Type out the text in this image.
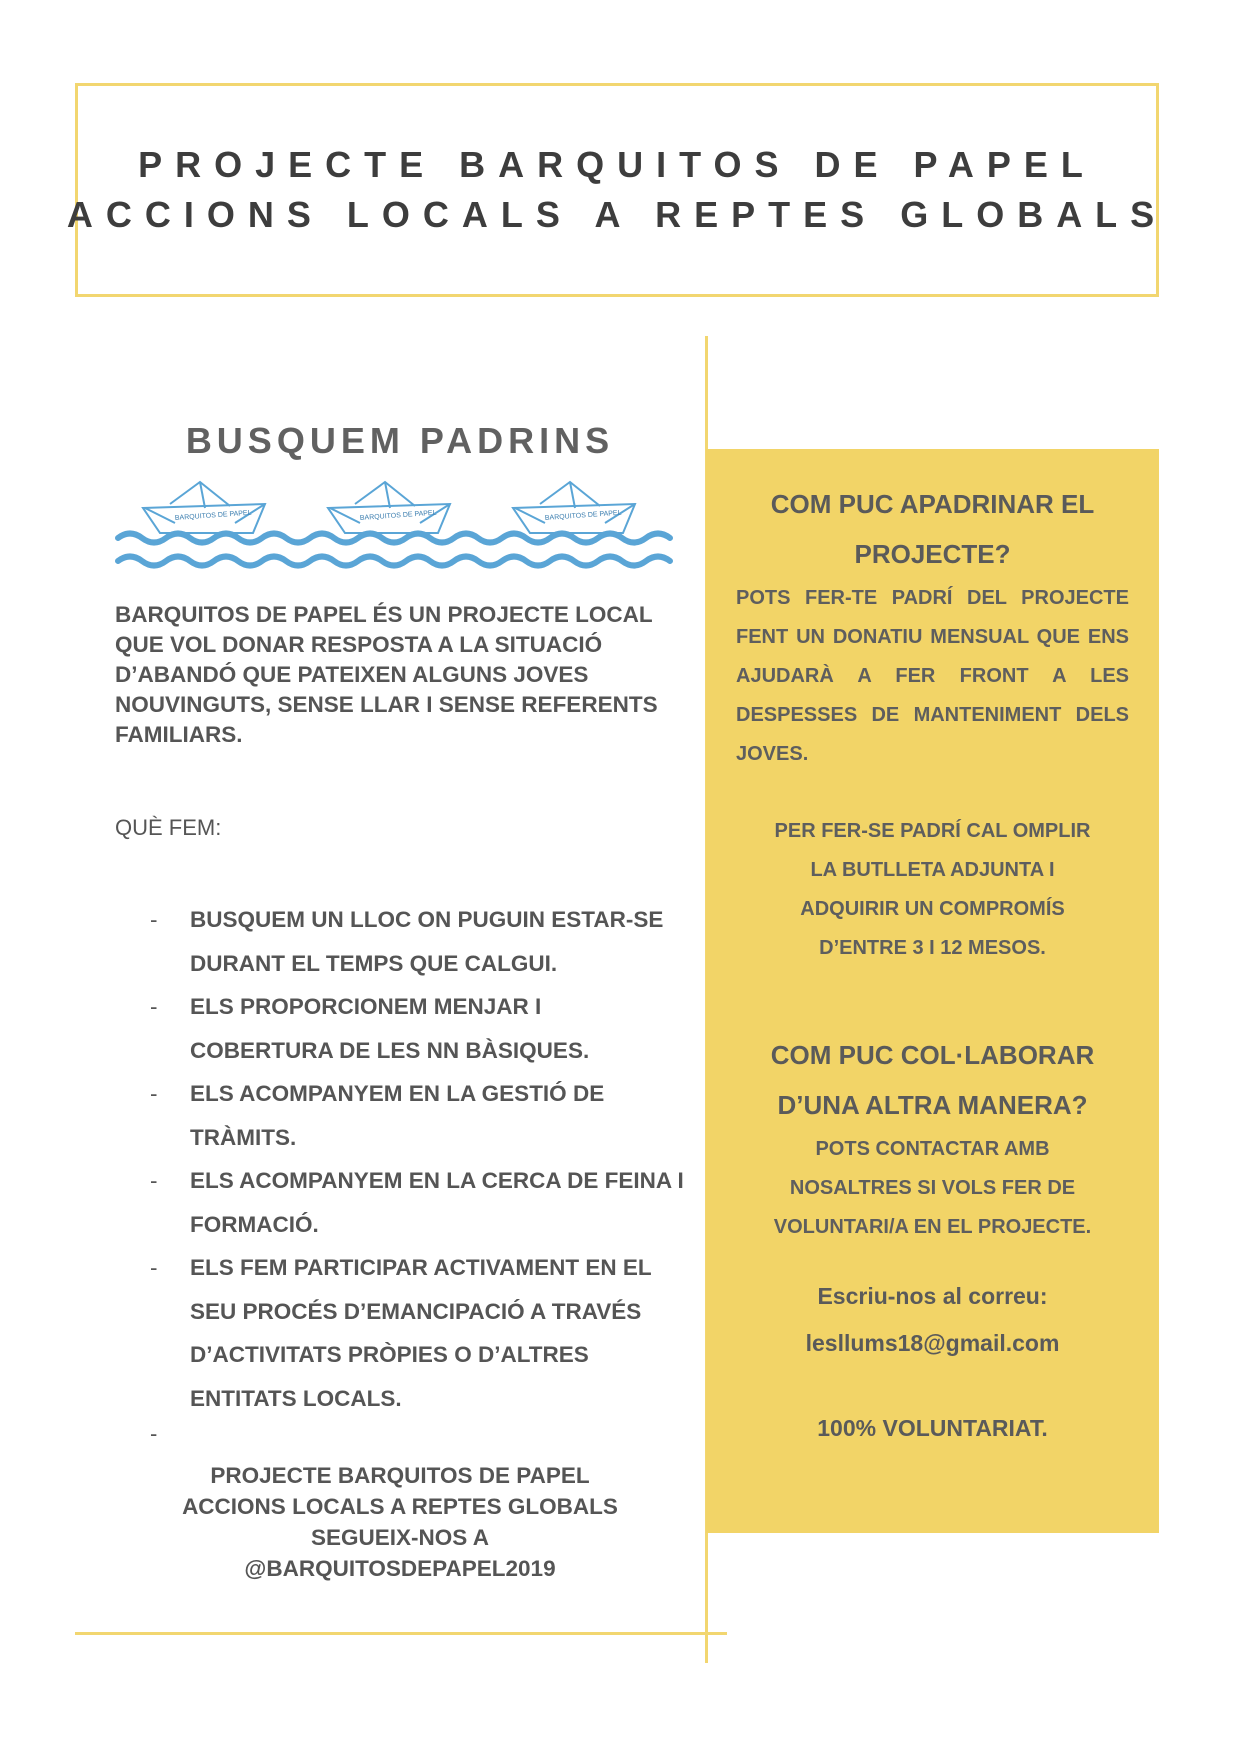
PROJECTE BARQUITOS DE PAPEL
ACCIONS LOCALS A REPTES GLOBALS
BUSQUEM PADRINS
BARQUITOS DE PAPEL	BARQUITOS DE PAPEL	BARQUITOS DE PAPEL
BARQUITOS DE PAPEL ÉS UN PROJECTE LOCAL QUE VOL DONAR RESPOSTA A LA SITUACIÓ D’ABANDÓ QUE PATEIXEN ALGUNS JOVES NOUVINGUTS, SENSE LLAR I SENSE REFERENTS FAMILIARS.
QUÈ FEM:
- BUSQUEM UN LLOC ON PUGUIN ESTAR-SE DURANT EL TEMPS QUE CALGUI.
- ELS PROPORCIONEM MENJAR I COBERTURA DE LES NN BÀSIQUES.
- ELS ACOMPANYEM EN LA GESTIÓ DE TRÀMITS.
- ELS ACOMPANYEM EN LA CERCA DE FEINA I FORMACIÓ.
- ELS FEM PARTICIPAR ACTIVAMENT EN EL SEU PROCÉS D’EMANCIPACIÓ A TRAVÉS D’ACTIVITATS PRÒPIES O D’ALTRES ENTITATS LOCALS.
-
PROJECTE BARQUITOS DE PAPEL
ACCIONS LOCALS A REPTES GLOBALS
SEGUEIX-NOS A
@BARQUITOSDEPAPEL2019
COM PUC APADRINAR EL PROJECTE?
POTS FER-TE PADRÍ DEL PROJECTE FENT UN DONATIU MENSUAL QUE ENS AJUDARÀ A FER FRONT A LES DESPESSES DE MANTENIMENT DELS JOVES.
PER FER-SE PADRÍ CAL OMPLIR
LA BUTLLETA ADJUNTA I
ADQUIRIR UN COMPROMÍS
D’ENTRE 3 I 12 MESOS.
COM PUC COL·LABORAR
D’UNA ALTRA MANERA?
POTS CONTACTAR AMB
NOSALTRES SI VOLS FER DE
VOLUNTARI/A EN EL PROJECTE.
Escriu-nos al correu:
lesllums18@gmail.com
100% VOLUNTARIAT.
